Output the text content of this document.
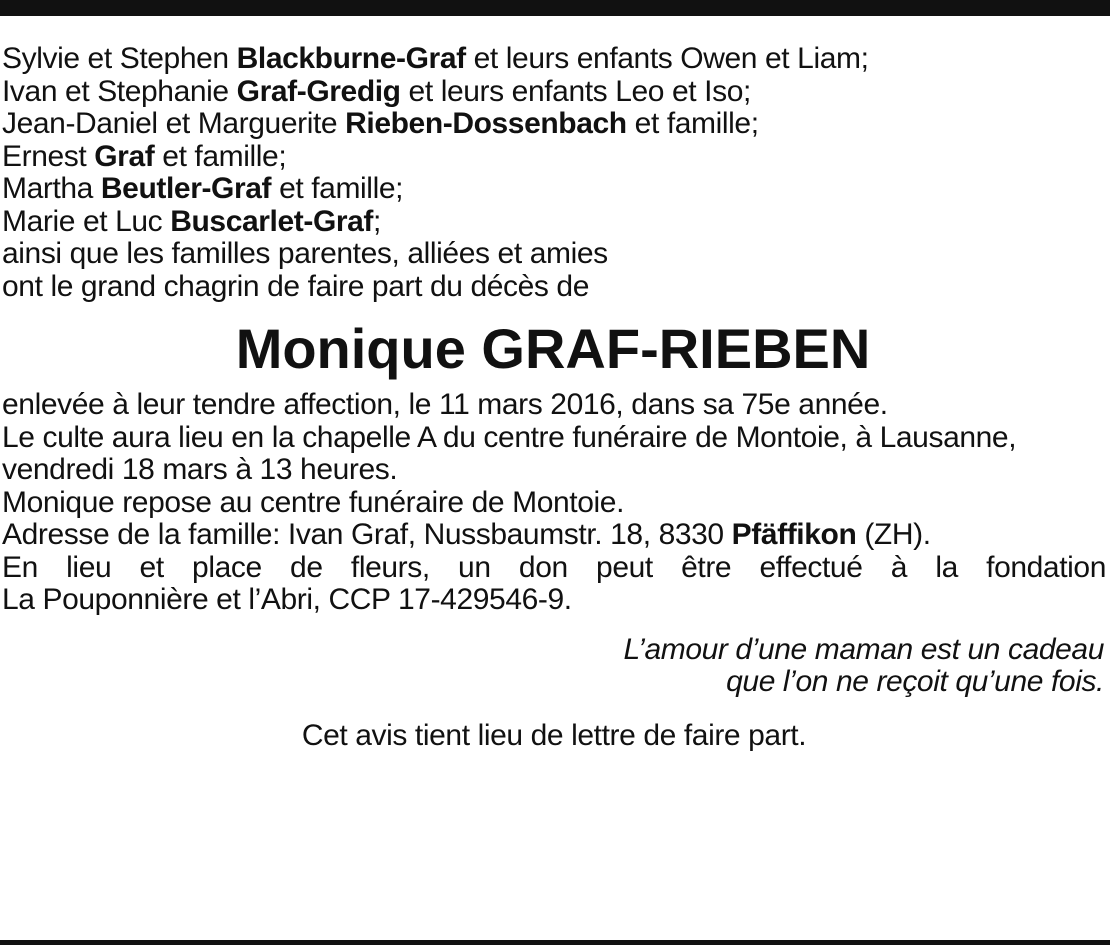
Sylvie et Stephen Blackburne-Graf et leurs enfants Owen et Liam;
Ivan et Stephanie Graf-Gredig et leurs enfants Leo et Iso;
Jean-Daniel et Marguerite Rieben-Dossenbach et famille;
Ernest Graf et famille;
Martha Beutler-Graf et famille;
Marie et Luc Buscarlet-Graf;
ainsi que les familles parentes, alliées et amies
ont le grand chagrin de faire part du décès de
Monique GRAF-RIEBEN
enlevée à leur tendre affection, le 11 mars 2016, dans sa 75e année.
Le culte aura lieu en la chapelle A du centre funéraire de Montoie, à Lausanne,
vendredi 18 mars à 13 heures.
Monique repose au centre funéraire de Montoie.
Adresse de la famille: Ivan Graf, Nussbaumstr. 18, 8330 Pfäffikon (ZH).
En lieu et place de fleurs, un don peut être effectué à la fondation
La Pouponnière et l’Abri, CCP 17-429546-9.
L’amour d’une maman est un cadeau
que l’on ne reçoit qu’une fois.
Cet avis tient lieu de lettre de faire part.
